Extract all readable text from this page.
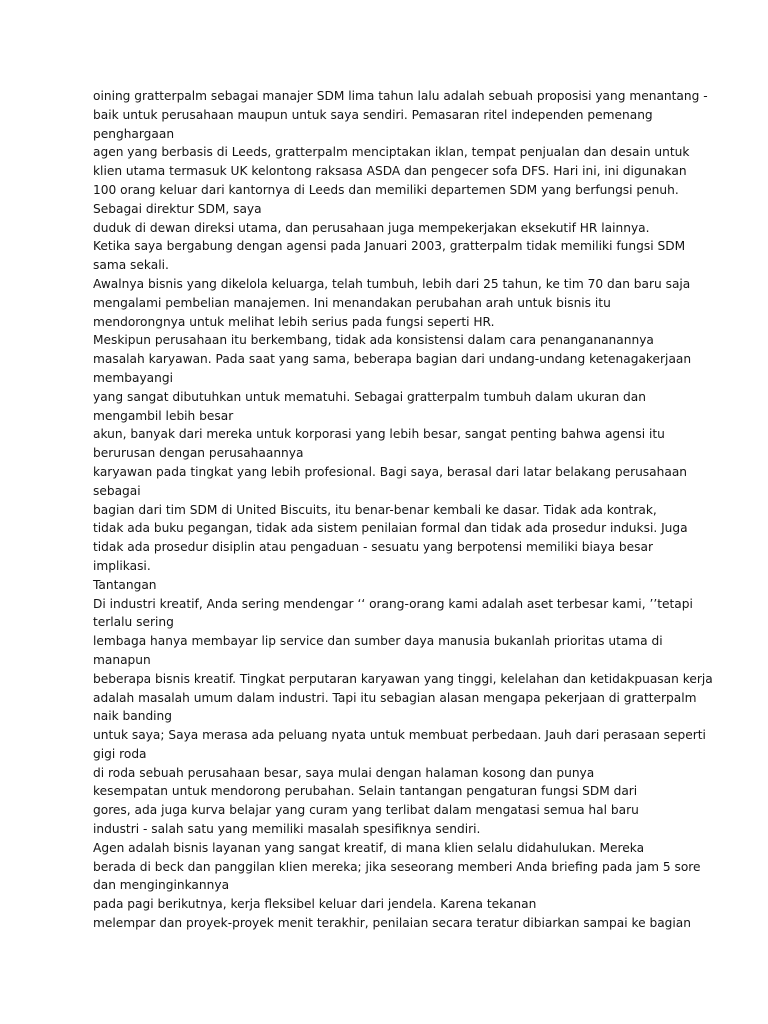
oining gratterpalm sebagai manajer SDM lima tahun lalu adalah sebuah proposisi yang menantang -
baik untuk perusahaan maupun untuk saya sendiri. Pemasaran ritel independen pemenang
penghargaan
agen yang berbasis di Leeds, gratterpalm menciptakan iklan, tempat penjualan dan desain untuk
klien utama termasuk UK kelontong raksasa ASDA dan pengecer sofa DFS. Hari ini, ini digunakan
100 orang keluar dari kantornya di Leeds dan memiliki departemen SDM yang berfungsi penuh.
Sebagai direktur SDM, saya
duduk di dewan direksi utama, dan perusahaan juga mempekerjakan eksekutif HR lainnya.
Ketika saya bergabung dengan agensi pada Januari 2003, gratterpalm tidak memiliki fungsi SDM
sama sekali.
Awalnya bisnis yang dikelola keluarga, telah tumbuh, lebih dari 25 tahun, ke tim 70 dan baru saja
mengalami pembelian manajemen. Ini menandakan perubahan arah untuk bisnis itu
mendorongnya untuk melihat lebih serius pada fungsi seperti HR.
Meskipun perusahaan itu berkembang, tidak ada konsistensi dalam cara penangananannya
masalah karyawan. Pada saat yang sama, beberapa bagian dari undang-undang ketenagakerjaan
membayangi
yang sangat dibutuhkan untuk mematuhi. Sebagai gratterpalm tumbuh dalam ukuran dan
mengambil lebih besar
akun, banyak dari mereka untuk korporasi yang lebih besar, sangat penting bahwa agensi itu
berurusan dengan perusahaannya
karyawan pada tingkat yang lebih profesional. Bagi saya, berasal dari latar belakang perusahaan
sebagai
bagian dari tim SDM di United Biscuits, itu benar-benar kembali ke dasar. Tidak ada kontrak,
tidak ada buku pegangan, tidak ada sistem penilaian formal dan tidak ada prosedur induksi. Juga
tidak ada prosedur disiplin atau pengaduan - sesuatu yang berpotensi memiliki biaya besar
implikasi.
Tantangan
Di industri kreatif, Anda sering mendengar ‘‘ orang-orang kami adalah aset terbesar kami, ’’tetapi
terlalu sering
lembaga hanya membayar lip service dan sumber daya manusia bukanlah prioritas utama di
manapun
beberapa bisnis kreatif. Tingkat perputaran karyawan yang tinggi, kelelahan dan ketidakpuasan kerja
adalah masalah umum dalam industri. Tapi itu sebagian alasan mengapa pekerjaan di gratterpalm
naik banding
untuk saya; Saya merasa ada peluang nyata untuk membuat perbedaan. Jauh dari perasaan seperti
gigi roda
di roda sebuah perusahaan besar, saya mulai dengan halaman kosong dan punya
kesempatan untuk mendorong perubahan. Selain tantangan pengaturan fungsi SDM dari
gores, ada juga kurva belajar yang curam yang terlibat dalam mengatasi semua hal baru
industri - salah satu yang memiliki masalah spesifiknya sendiri.
Agen adalah bisnis layanan yang sangat kreatif, di mana klien selalu didahulukan. Mereka
berada di beck dan panggilan klien mereka; jika seseorang memberi Anda briefing pada jam 5 sore
dan menginginkannya
pada pagi berikutnya, kerja fleksibel keluar dari jendela. Karena tekanan
melempar dan proyek-proyek menit terakhir, penilaian secara teratur dibiarkan sampai ke bagian
